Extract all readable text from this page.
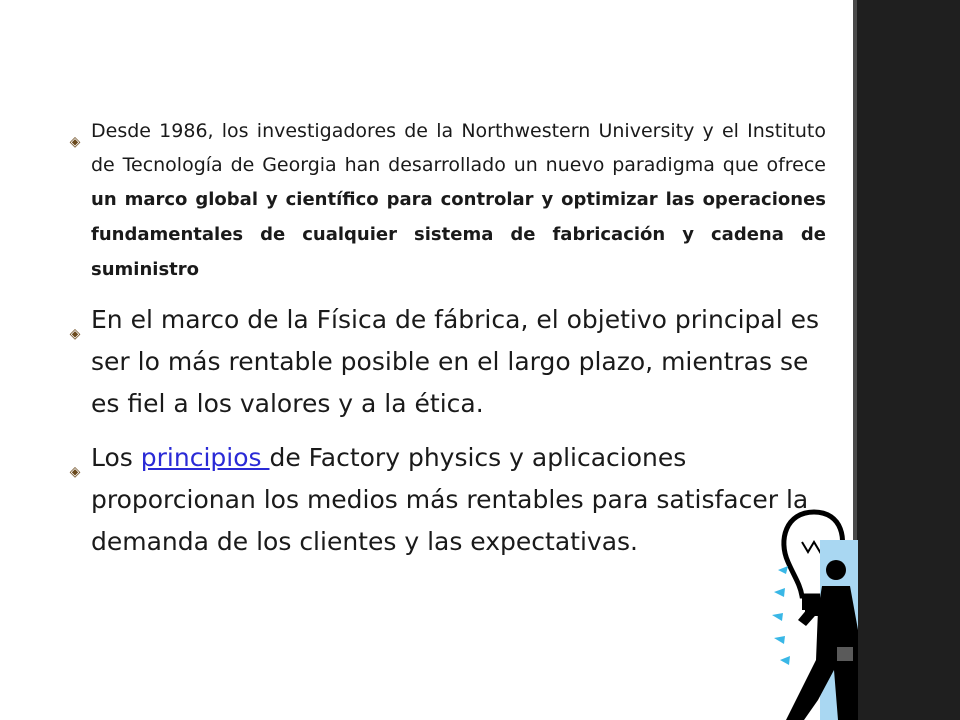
◈ Desde 1986, los investigadores de la Northwestern University y el Instituto de Tecnología de Georgia han desarrollado un nuevo paradigma que ofrece un marco global y científico para controlar y optimizar las operaciones fundamentales de cualquier sistema de fabricación y cadena de suministro

◈ En el marco de la Física de fábrica, el objetivo principal es ser lo más rentable posible en el largo plazo, mientras se es fiel a los valores y a la ética.

◈ Los principios de Factory physics y aplicaciones proporcionan los medios más rentables para satisfacer la demanda de los clientes y las expectativas.
